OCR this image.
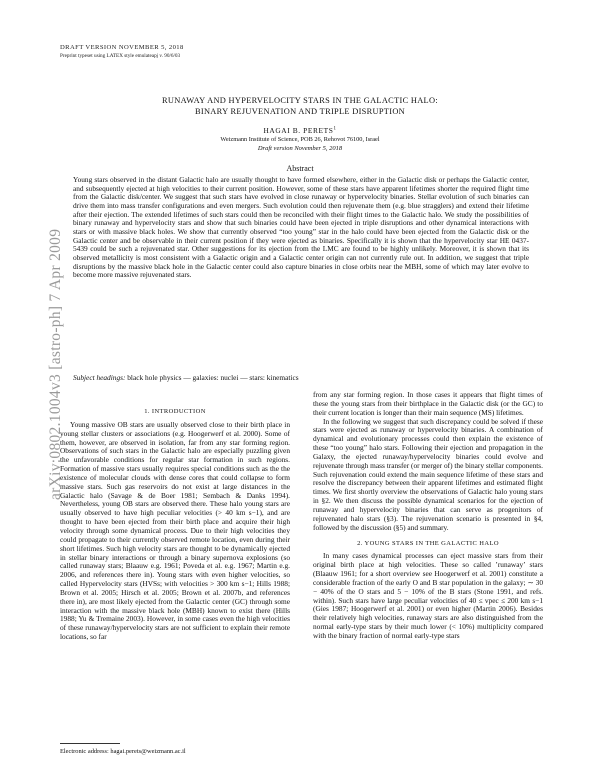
DRAFT VERSION NOVEMBER 5, 2018
Preprint typeset using LATEX style emulateapj v. 90/6/03
arXiv:0802.1004v3 [astro-ph] 7 Apr 2009
RUNAWAY AND HYPERVELOCITY STARS IN THE GALACTIC HALO:
BINARY REJUVENATION AND TRIPLE DISRUPTION
HAGAI B. PERETS$^1$
Weizmann Institute of Science, POB 26, Rehovot 76100, Israel
Draft version November 5, 2018
Abstract

Young stars observed in the distant Galactic halo are usually thought to have formed elsewhere, either in the Galactic disk or perhaps the Galactic center, and subsequently ejected at high velocities to their current position. However, some of these stars have apparent lifetimes shorter the required flight time from the Galactic disk/center. We suggest that such stars have evolved in close runaway or hypervelocity binaries. Stellar evolution of such binaries can drive them into mass transfer configurations and even mergers. Such evolution could then rejuvenate them (e.g. blue stragglers) and extend their lifetime after their ejection. The extended lifetimes of such stars could then be reconciled with their flight times to the Galactic halo. We study the possibilities of binary runaway and hypervelocity stars and show that such binaries could have been ejected in triple disruptions and other dynamical interactions with stars or with massive black holes. We show that currently observed “too young” star in the halo could have been ejected from the Galactic disk or the Galactic center and be observable in their current position if they were ejected as binaries. Specifically it is shown that the hypervelocity star HE 0437-5439 could be such a rejuvenated star. Other suggestions for its ejection from the LMC are found to be highly unlikely. Moreover, it is shown that its observed metallicity is most consistent with a Galactic origin and a Galactic center origin can not currently rule out. In addition, we suggest that triple disruptions by the massive black hole in the Galactic center could also capture binaries in close orbits near the MBH, some of which may later evolve to become more massive rejuvenated stars.

Subject headings: black hole physics — galaxies: nuclei — stars: kinematics
1. INTRODUCTION

Young massive OB stars are usually observed close to their birth place in young stellar clusters or associations (e.g. Hoogerwerf et al. 2000). Some of them, however, are observed in isolation, far from any star forming region. Observations of such stars in the Galactic halo are especially puzzling given the unfavorable conditions for regular star formation in such regions. Formation of massive stars usually requires special conditions such as the the existence of molecular clouds with dense cores that could collapse to form massive stars. Such gas reservoirs do not exist at large distances in the Galactic halo (Savage & de Boer 1981; Sembach & Danks 1994). Nevertheless, young OB stars are observed there. These halo young stars are usually observed to have high peculiar velocities (> 40 km s−1), and are thought to have been ejected from their birth place and acquire their high velocity through some dynamical process. Due to their high velocities they could propagate to their currently observed remote location, even during their short lifetimes. Such high velocity stars are thought to be dynamically ejected in stellar binary interactions or through a binary supernova explosions (so called runaway stars; Blaauw e.g. 1961; Poveda et al. e.g. 1967; Martin e.g. 2006, and references there in). Young stars with even higher velocities, so called Hypervelocity stars (HVSs; with velocities > 300 km s−1; Hills 1988; Brown et al. 2005; Hirsch et al. 2005; Brown et al. 2007b, and references there in), are most likely ejected from the Galactic center (GC) through some interaction with the massive black hole (MBH) known to exist there (Hills 1988; Yu & Tremaine 2003). However, in some cases even the high velocities of these runaway/hypervelocity stars are not sufficient to explain their remote locations, so far

from any star forming region. In those cases it appears that flight times of these the young stars from their birthplace in the Galactic disk (or the GC) to their current location is longer than their main sequence (MS) lifetimes.

In the following we suggest that such discrepancy could be solved if these stars were ejected as runaway or hypervelocity binaries. A combination of dynamical and evolutionary processes could then explain the existence of these “too young” halo stars. Following their ejection and propagation in the Galaxy, the ejected runaway/hypervelocity binaries could evolve and rejuvenate through mass transfer (or merger of) the binary stellar components. Such rejuvenation could extend the main sequence lifetime of these stars and resolve the discrepancy between their apparent lifetimes and estimated flight times. We first shortly overview the observations of Galactic halo young stars in §2. We then discuss the possible dynamical scenarios for the ejection of runaway and hypervelocity binaries that can serve as progenitors of rejuvenated halo stars (§3). The rejuvenation scenario is presented in §4, followed by the discussion (§5) and summary.

2. YOUNG STARS IN THE GALACTIC HALO

In many cases dynamical processes can eject massive stars from their original birth place at high velocities. These so called ’runaway’ stars (Blaauw 1961; for a short overview see Hoogerwerf et al. 2001) constitute a considerable fraction of the early O and B star population in the galaxy; ∼ 30 − 40% of the O stars and 5 − 10% of the B stars (Stone 1991, and refs. within). Such stars have large peculiar velocities of 40 ≤ vpec ≤ 200 km s−1 (Gies 1987; Hoogerwerf et al. 2001) or even higher (Martin 2006). Besides their relatively high velocities, runaway stars are also distinguished from the normal early-type stars by their much lower (< 10%) multiplicity compared with the binary fraction of normal early-type stars

Electronic address: hagai.perets@weizmann.ac.il
